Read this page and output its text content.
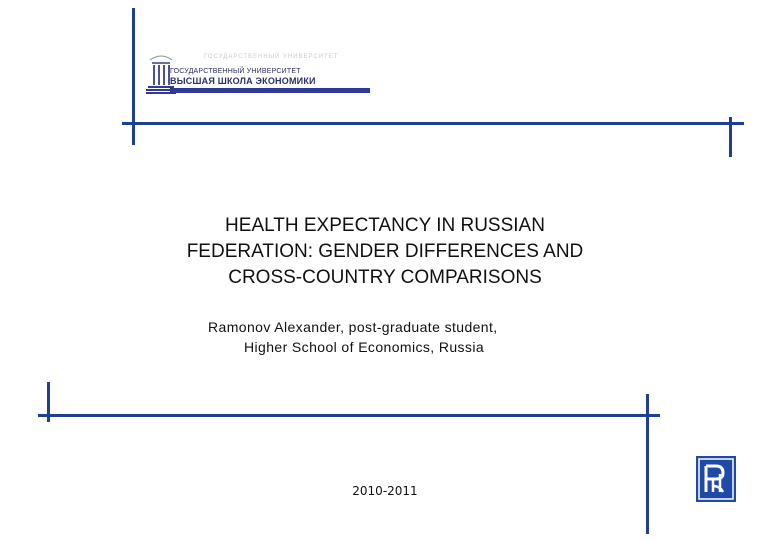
ГОСУДАРСТВЕННЫЙ УНИВЕРСИТЕТ
ГОСУДАРСТВЕННЫЙ УНИВЕРСИТЕТ
ВЫСШАЯ ШКОЛА ЭКОНОМИКИ
HEALTH EXPECTANCY IN RUSSIAN
FEDERATION: GENDER DIFFERENCES AND
CROSS-COUNTRY COMPARISONS
Ramonov Alexander, post-graduate student,
Higher School of Economics, Russia
2010-2011
